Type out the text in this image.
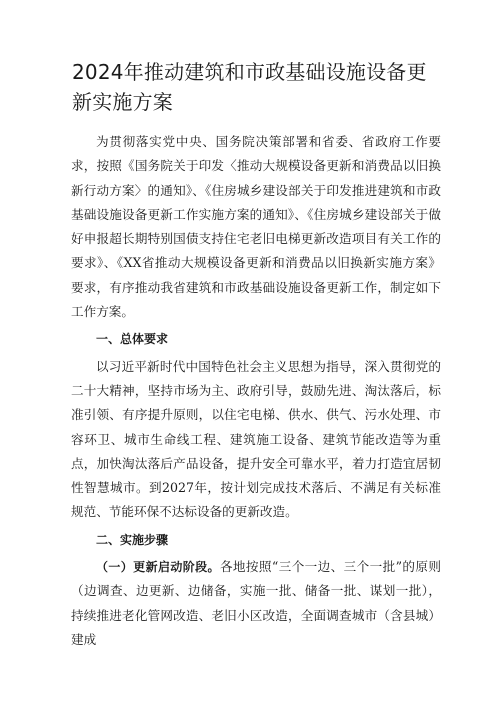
2024年推动建筑和市政基础设施设备更新实施方案

为贯彻落实党中央、国务院决策部署和省委、省政府工作要求，按照《国务院关于印发〈推动大规模设备更新和消费品以旧换新行动方案〉的通知》、《住房城乡建设部关于印发推进建筑和市政基础设施设备更新工作实施方案的通知》、《住房城乡建设部关于做好申报超长期特别国债支持住宅老旧电梯更新改造项目有关工作的要求》、《XX省推动大规模设备更新和消费品以旧换新实施方案》要求，有序推动我省建筑和市政基础设施设备更新工作，制定如下工作方案。

一、总体要求

以习近平新时代中国特色社会主义思想为指导，深入贯彻党的二十大精神，坚持市场为主、政府引导，鼓励先进、淘汰落后，标准引领、有序提升原则，以住宅电梯、供水、供气、污水处理、市容环卫、城市生命线工程、建筑施工设备、建筑节能改造等为重点，加快淘汰落后产品设备，提升安全可靠水平，着力打造宜居韧性智慧城市。到2027年，按计划完成技术落后、不满足有关标准规范、节能环保不达标设备的更新改造。

二、实施步骤

（一）更新启动阶段。各地按照“三个一边、三个一批”的原则（边调查、边更新、边储备，实施一批、储备一批、谋划一批），持续推进老化管网改造、老旧小区改造，全面调查城市（含县城）建成
